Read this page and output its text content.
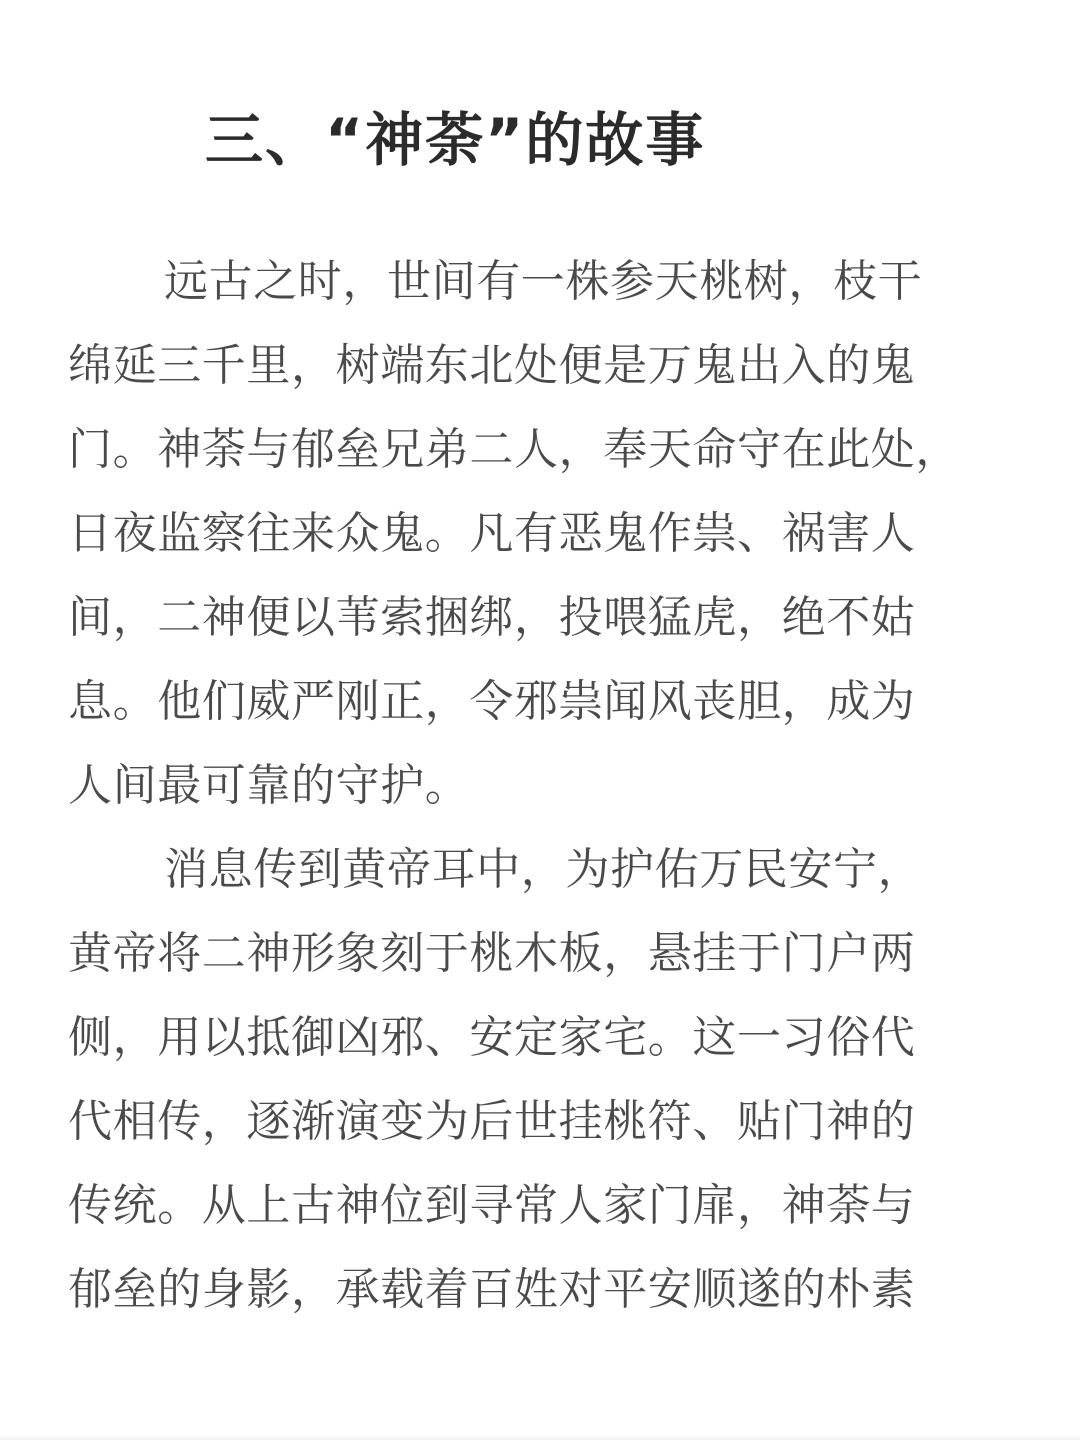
三、“神荼”的故事
远古之时，世间有一株参天桃树，枝干
绵延三千里，树端东北处便是万鬼出入的鬼
门。神荼与郁垒兄弟二人，奉天命守在此处，
日夜监察往来众鬼。凡有恶鬼作祟、祸害人
间，二神便以苇索捆绑，投喂猛虎，绝不姑
息。他们威严刚正，令邪祟闻风丧胆，成为
人间最可靠的守护。
消息传到黄帝耳中，为护佑万民安宁，
黄帝将二神形象刻于桃木板，悬挂于门户两
侧，用以抵御凶邪、安定家宅。这一习俗代
代相传，逐渐演变为后世挂桃符、贴门神的
传统。从上古神位到寻常人家门扉，神荼与
郁垒的身影，承载着百姓对平安顺遂的朴素
